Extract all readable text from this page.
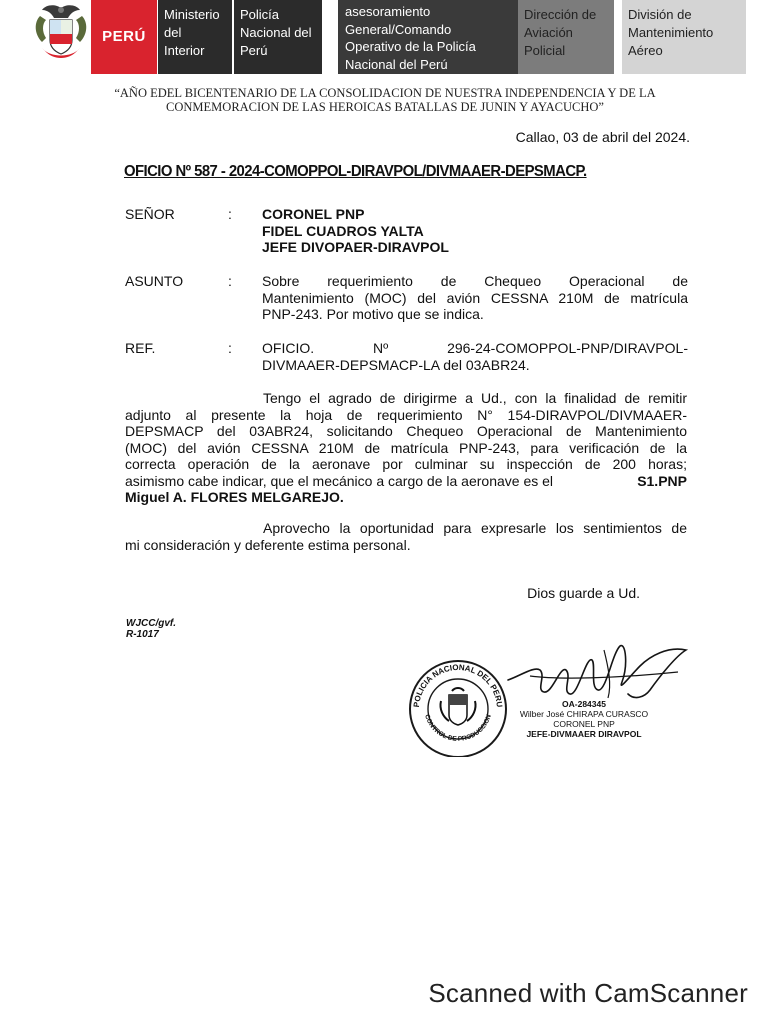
PERÚ
Ministerio
del
Interior
Policía
Nacional del
Perú
asesoramiento
General/Comando
Operativo de la Policía
Nacional del Perú
Dirección de
Aviación
Policial
División de
Mantenimiento
Aéreo
“AÑO EDEL BICENTENARIO DE LA CONSOLIDACION DE NUESTRA INDEPENDENCIA Y DE LA
CONMEMORACION DE LAS HEROICAS BATALLAS DE JUNIN Y AYACUCHO”
Callao, 03 de abril del 2024.
OFICIO Nº 587 - 2024-COMOPPOL-DIRAVPOL/DIVMAAER-DEPSMACP.
SEÑOR	: CORONEL PNP
FIDEL CUADROS YALTA
JEFE DIVOPAER-DIRAVPOL
ASUNTO	: Sobre requerimiento de Chequeo Operacional de
Mantenimiento (MOC) del avión CESSNA 210M de matrícula
PNP-243. Por motivo que se indica.
REF.	: OFICIO. Nº 296-24-COMOPPOL-PNP/DIRAVPOL-
DIVMAAER-DEPSMACP-LA del 03ABR24.
Tengo el agrado de dirigirme a Ud., con la finalidad de remitir
adjunto al presente la hoja de requerimiento N° 154-DIRAVPOL/DIVMAAER-
DEPSMACP del 03ABR24, solicitando Chequeo Operacional de Mantenimiento
(MOC) del avión CESSNA 210M de matrícula PNP-243, para verificación de la
correcta operación de la aeronave por culminar su inspección de 200 horas;
asimismo cabe indicar, que el mecánico a cargo de la aeronave es el	S1.PNP
Miguel A. FLORES MELGAREJO.
Aprovecho la oportunidad para expresarle los sentimientos de
mi consideración y deferente estima personal.
Dios guarde a Ud.
WJCC/gvf.
R-1017
POLICIA NACIONAL DEL PERU
CONTROL DE PRODUCCION
OA-284345
Wilber José CHIRAPA CURASCO
CORONEL PNP
JEFE-DIVMAAER DIRAVPOL
Scanned with CamScanner
